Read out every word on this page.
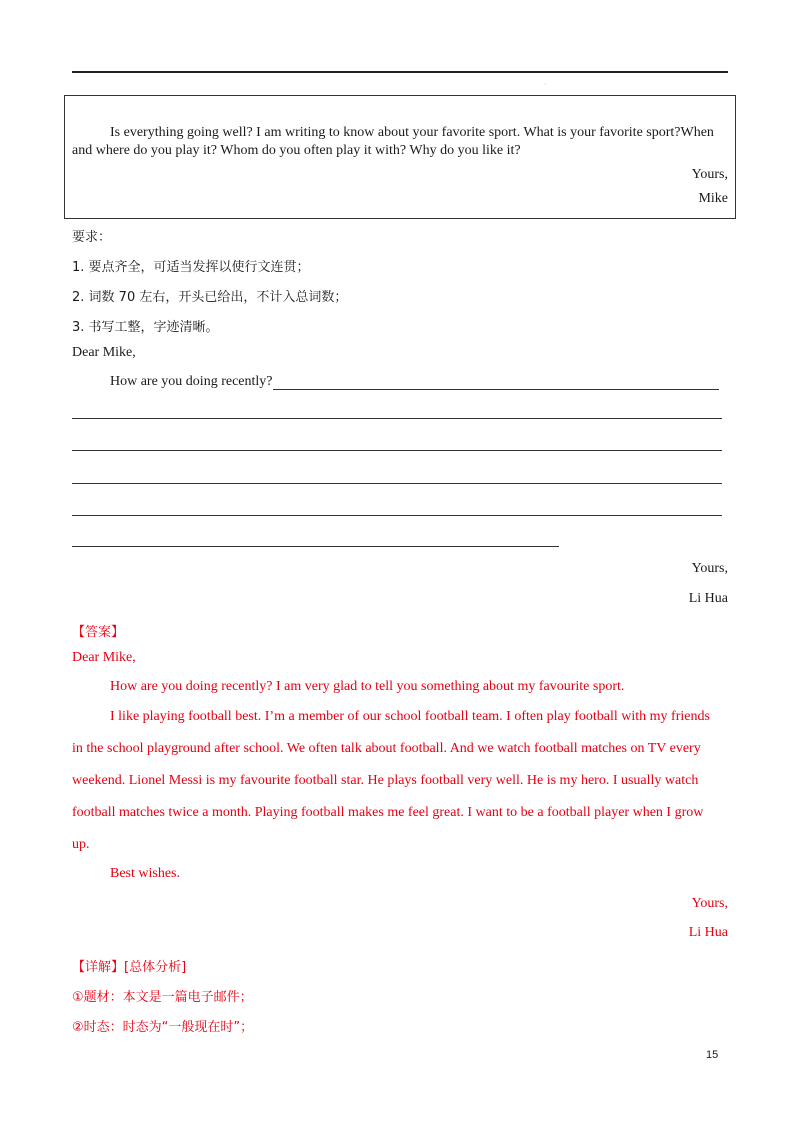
·
Is everything going well? I am writing to know about your favorite sport. What is your favorite sport?When and where do you play it? Whom do you often play it with? Why do you like it?
Yours,
Mike
要求：
1. 要点齐全，可适当发挥以使行文连贯；
2. 词数 70 左右，开头已给出，不计入总词数；
3. 书写工整，字迹清晰。
Dear Mike,
How are you doing recently?
Yours,
Li Hua
【答案】
Dear Mike,
How are you doing recently? I am very glad to tell you something about my favourite sport.
I like playing football best. I’m a member of our school football team. I often play football with my friends
in the school playground after school. We often talk about football. And we watch football matches on TV every
weekend. Lionel Messi is my favourite football star. He plays football very well. He is my hero. I usually watch
football matches twice a month. Playing football makes me feel great. I want to be a football player when I grow
up.
Best wishes.
Yours,
Li Hua
【详解】[总体分析]
①题材：本文是一篇电子邮件；
②时态：时态为“一般现在时”；
15
